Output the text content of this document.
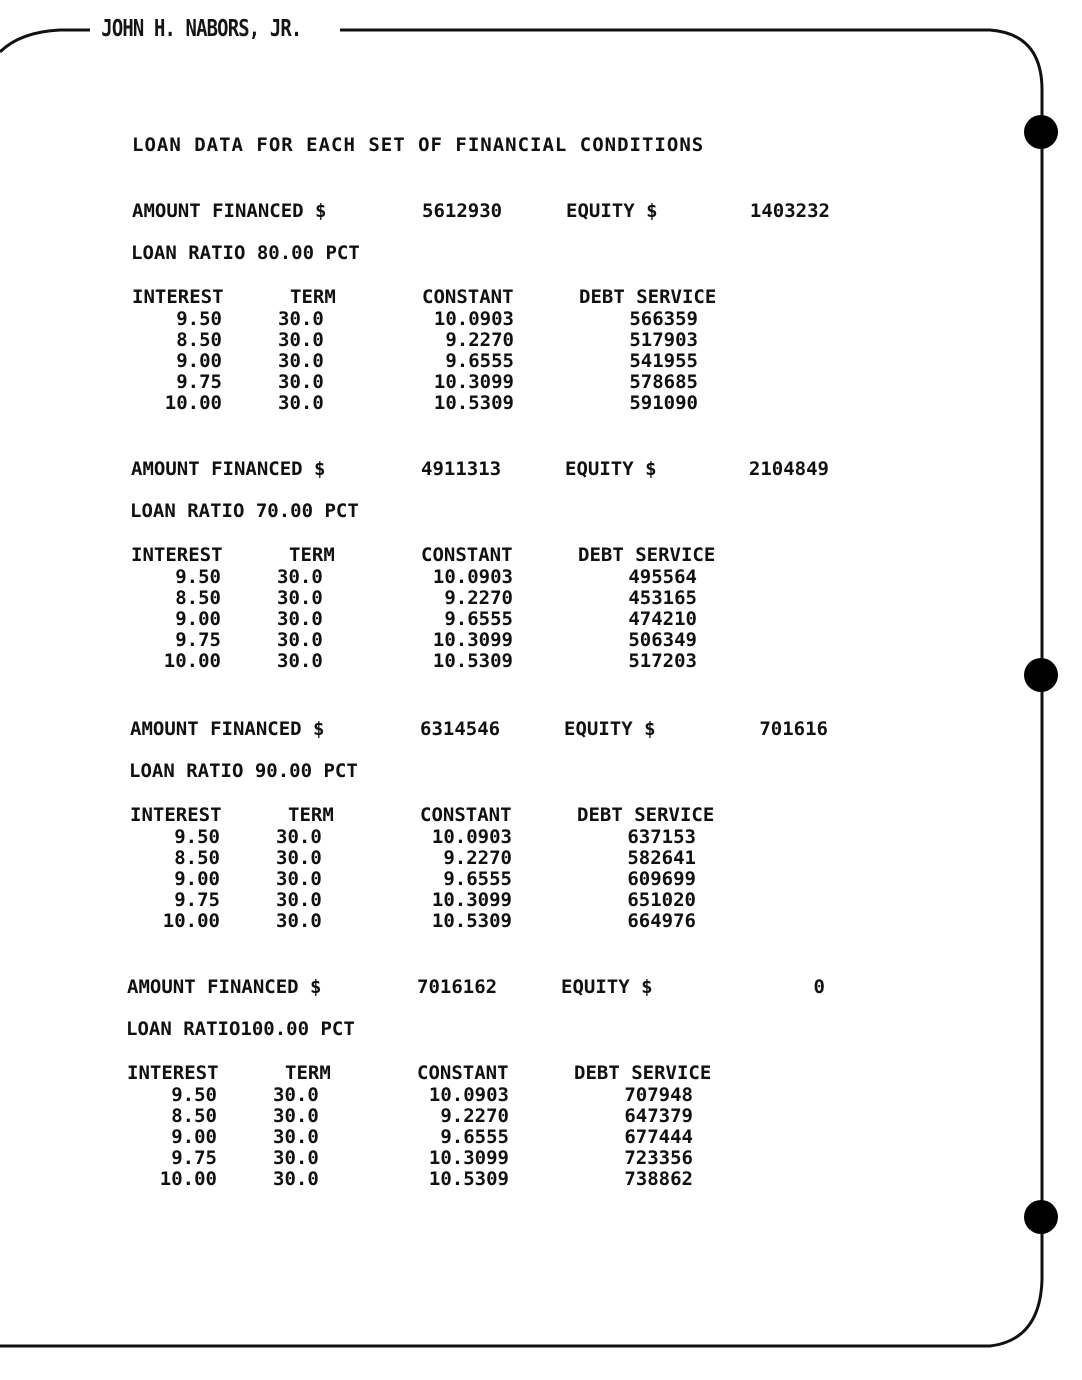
JOHN H. NABORS, JR.
LOAN DATA FOR EACH SET OF FINANCIAL CONDITIONS
AMOUNT FINANCED $	5612930	EQUITY $	1403232
LOAN RATIO 80.00 PCT
INTEREST	TERM	CONSTANT	DEBT SERVICE
9.50	30.0	10.0903	566359
8.50	30.0	9.2270	517903
9.00	30.0	9.6555	541955
9.75	30.0	10.3099	578685
10.00	30.0	10.5309	591090
AMOUNT FINANCED $	4911313	EQUITY $	2104849
LOAN RATIO 70.00 PCT
INTEREST	TERM	CONSTANT	DEBT SERVICE
9.50	30.0	10.0903	495564
8.50	30.0	9.2270	453165
9.00	30.0	9.6555	474210
9.75	30.0	10.3099	506349
10.00	30.0	10.5309	517203
AMOUNT FINANCED $	6314546	EQUITY $	701616
LOAN RATIO 90.00 PCT
INTEREST	TERM	CONSTANT	DEBT SERVICE
9.50	30.0	10.0903	637153
8.50	30.0	9.2270	582641
9.00	30.0	9.6555	609699
9.75	30.0	10.3099	651020
10.00	30.0	10.5309	664976
AMOUNT FINANCED $	7016162	EQUITY $	0
LOAN RATIO100.00 PCT
INTEREST	TERM	CONSTANT	DEBT SERVICE
9.50	30.0	10.0903	707948
8.50	30.0	9.2270	647379
9.00	30.0	9.6555	677444
9.75	30.0	10.3099	723356
10.00	30.0	10.5309	738862
